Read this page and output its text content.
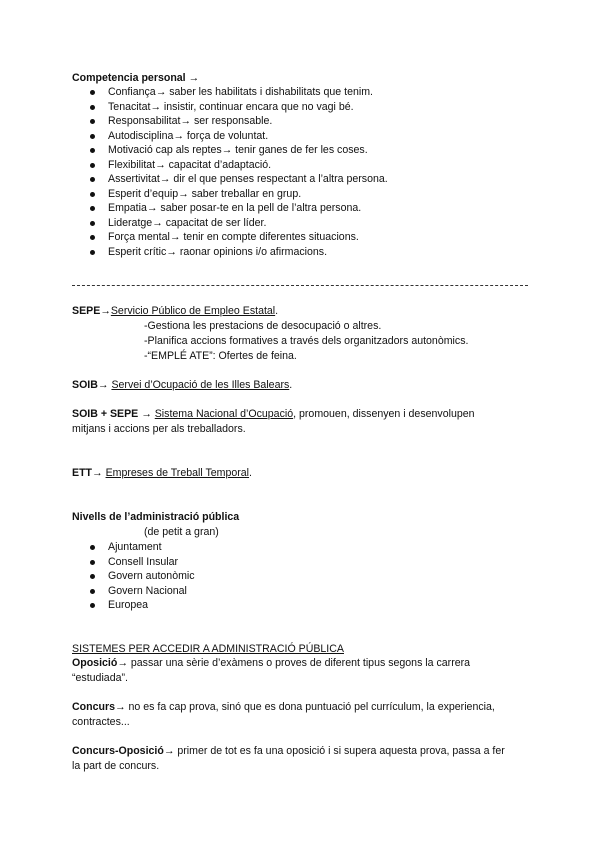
Competencia personal →
Confiança→ saber les habilitats i dishabilitats que tenim.
Tenacitat→ insistir, continuar encara que no vagi bé.
Responsabilitat→ ser responsable.
Autodisciplina→ força de voluntat.
Motivació cap als reptes→ tenir ganes de fer les coses.
Flexibilitat→ capacitat d’adaptació.
Assertivitat→ dir el que penses respectant a l’altra persona.
Esperit d’equip→ saber treballar en grup.
Empatia→ saber posar-te en la pell de l’altra persona.
Lideratge→ capacitat de ser líder.
Força mental→ tenir en compte diferentes situacions.
Esperit crític→ raonar opinions i/o afirmacions.
SEPE→Servicio Público de Empleo Estatal.
-Gestiona les prestacions de desocupació o altres.
-Planifica accions formatives a través dels organitzadors autonòmics.
-“EMPLÉ ATE”: Ofertes de feina.
SOIB→ Servei d’Ocupació de les Illes Balears.
SOIB + SEPE → Sistema Nacional d’Ocupació, promouen, dissenyen i desenvolupen
mitjans i accions per als treballadors.
ETT→ Empreses de Treball Temporal.
Nivells de l’administració pública
(de petit a gran)
Ajuntament
Consell Insular
Govern autonòmic
Govern Nacional
Europea
SISTEMES PER ACCEDIR A ADMINISTRACIÓ PÚBLICA
Oposició→ passar una sèrie d’exàmens o proves de diferent tipus segons la carrera
“estudiada”.
Concurs→ no es fa cap prova, sinó que es dona puntuació pel currículum, la experiencia,
contractes...
Concurs-Oposició→ primer de tot es fa una oposició i si supera aquesta prova, passa a fer
la part de concurs.
